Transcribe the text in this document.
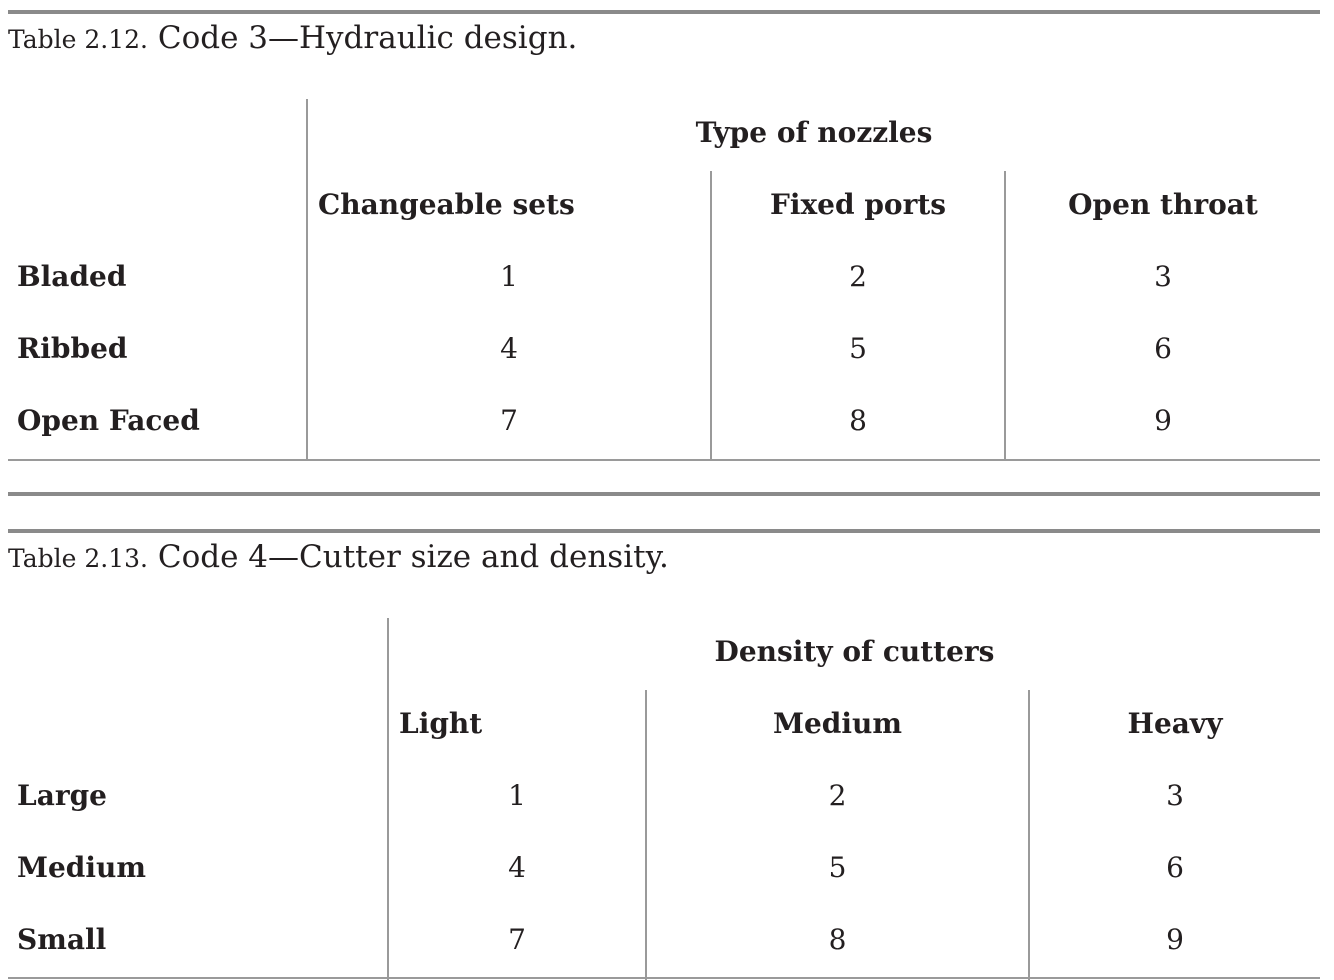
Table 2.12. Code 3—Hydraulic design.
Type of nozzles
Changeable sets	Fixed ports	Open throat
Bladed	1	2	3
Ribbed	4	5	6
Open Faced	7	8	9
Table 2.13. Code 4—Cutter size and density.
Density of cutters
Light	Medium	Heavy
Large	1	2	3
Medium	4	5	6
Small	7	8	9
